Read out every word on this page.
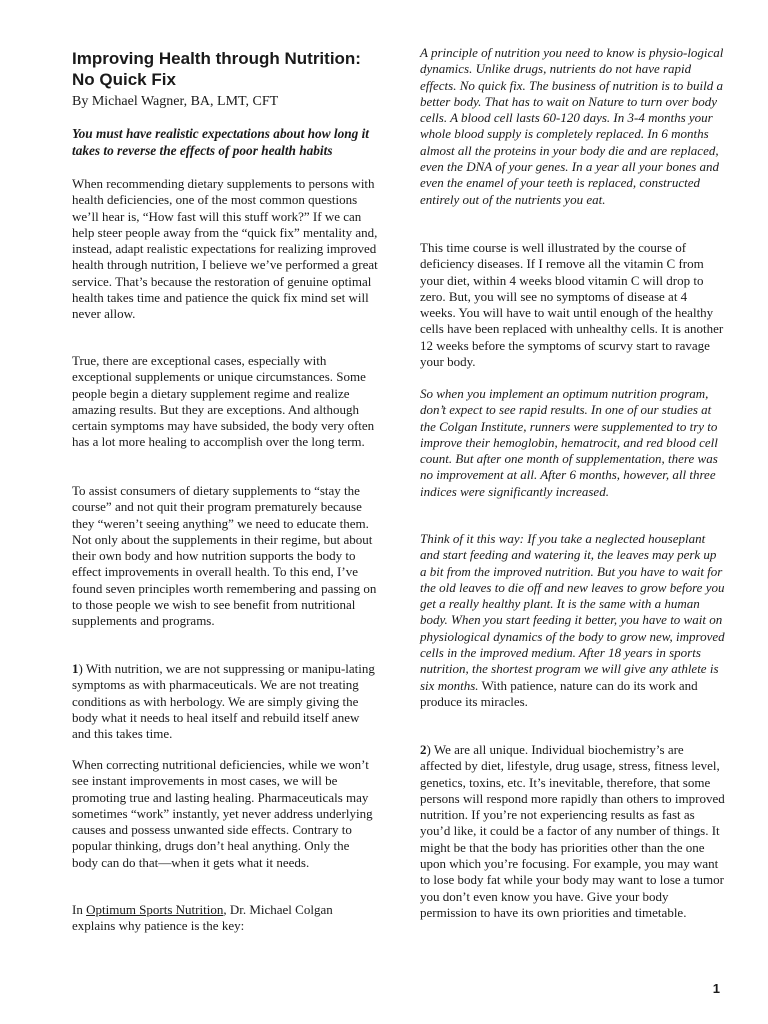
Improving Health through Nutrition:
No Quick Fix

By Michael Wagner, BA, LMT, CFT

You must have realistic expectations about how long it takes to reverse the effects of poor health habits

When recommending dietary supplements to persons with health deficiencies, one of the most common questions we’ll hear is, “How fast will this stuff work?” If we can help steer people away from the “quick fix” mentality and, instead, adapt realistic expectations for realizing improved health through nutrition, I believe we’ve performed a great service. That’s because the restoration of genuine optimal health takes time and patience the quick fix mind set will never allow.

True, there are exceptional cases, especially with exceptional supplements or unique circumstances. Some people begin a dietary supplement regime and realize amazing results. But they are exceptions. And although certain symptoms may have subsided, the body very often has a lot more healing to accomplish over the long term.

To assist consumers of dietary supplements to “stay the course” and not quit their program prematurely because they “weren’t seeing anything” we need to educate them. Not only about the supplements in their regime, but about their own body and how nutrition supports the body to effect improvements in overall health. To this end, I’ve found seven principles worth remembering and passing on to those people we wish to see benefit from nutritional supplements and programs.

1) With nutrition, we are not suppressing or manipu-lating symptoms as with pharmaceuticals. We are not treating conditions as with herbology. We are simply giving the body what it needs to heal itself and rebuild itself anew and this takes time.

When correcting nutritional deficiencies, while we won’t see instant improvements in most cases, we will be promoting true and lasting healing. Pharmaceuticals may sometimes “work” instantly, yet never address underlying causes and possess unwanted side effects. Contrary to popular thinking, drugs don’t heal anything. Only the body can do that—when it gets what it needs.

In Optimum Sports Nutrition, Dr. Michael Colgan explains why patience is the key:

A principle of nutrition you need to know is physio-logical dynamics. Unlike drugs, nutrients do not have rapid effects. No quick fix. The business of nutrition is to build a better body. That has to wait on Nature to turn over body cells. A blood cell lasts 60-120 days. In 3-4 months your whole blood supply is completely replaced. In 6 months almost all the proteins in your body die and are replaced, even the DNA of your genes. In a year all your bones and even the enamel of your teeth is replaced, constructed entirely out of the nutrients you eat.

This time course is well illustrated by the course of deficiency diseases. If I remove all the vitamin C from your diet, within 4 weeks blood vitamin C will drop to zero. But, you will see no symptoms of disease at 4 weeks. You will have to wait until enough of the healthy cells have been replaced with unhealthy cells. It is another 12 weeks before the symptoms of scurvy start to ravage your body.

So when you implement an optimum nutrition program, don’t expect to see rapid results. In one of our studies at the Colgan Institute, runners were supplemented to try to improve their hemoglobin, hematrocit, and red blood cell count. But after one month of supplementation, there was no improvement at all. After 6 months, however, all three indices were significantly increased.

Think of it this way: If you take a neglected houseplant and start feeding and watering it, the leaves may perk up a bit from the improved nutrition. But you have to wait for the old leaves to die off and new leaves to grow before you get a really healthy plant. It is the same with a human body. When you start feeding it better, you have to wait on physiological dynamics of the body to grow new, improved cells in the improved medium. After 18 years in sports nutrition, the shortest program we will give any athlete is six months. With patience, nature can do its work and produce its miracles.

2) We are all unique. Individual biochemistry’s are affected by diet, lifestyle, drug usage, stress, fitness level, genetics, toxins, etc. It’s inevitable, therefore, that some persons will respond more rapidly than others to improved nutrition. If you’re not experiencing results as fast as you’d like, it could be a factor of any number of things. It might be that the body has priorities other than the one upon which you’re focusing. For example, you may want to lose body fat while your body may want to lose a tumor you don’t even know you have. Give your body permission to have its own priorities and timetable.

1
